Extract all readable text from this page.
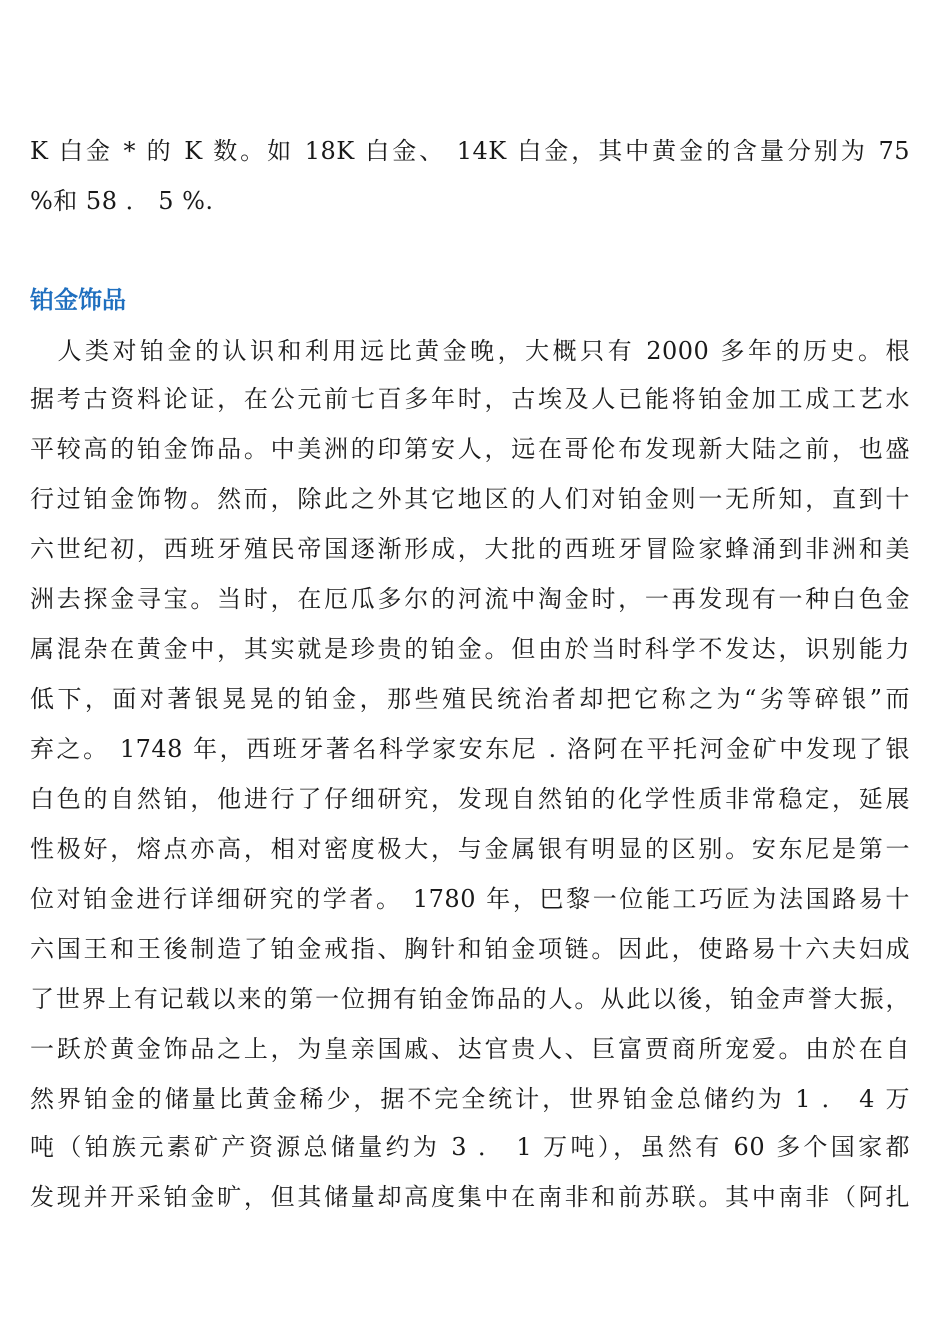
K 白金 * 的 K 数。如 18K 白金、 14K 白金，其中黄金的含量分别为 75
%和 58 ． 5 %.
铂金饰品
　人类对铂金的认识和利用远比黄金晚，大概只有 2000 多年的历史。根
据考古资料论证，在公元前七百多年时，古埃及人已能将铂金加工成工艺水
平较高的铂金饰品。中美洲的印第安人，远在哥伦布发现新大陆之前，也盛
行过铂金饰物。然而，除此之外其它地区的人们对铂金则一无所知，直到十
六世纪初，西班牙殖民帝国逐渐形成，大批的西班牙冒险家蜂涌到非洲和美
洲去探金寻宝。当时，在厄瓜多尔的河流中淘金时，一再发现有一种白色金
属混杂在黄金中，其实就是珍贵的铂金。但由於当时科学不发达，识别能力
低下，面对著银晃晃的铂金，那些殖民统治者却把它称之为“劣等碎银”而
弃之。 1748 年，西班牙著名科学家安东尼 . 洛阿在平托河金矿中发现了银
白色的自然铂，他进行了仔细研究，发现自然铂的化学性质非常稳定，延展
性极好，熔点亦高，相对密度极大，与金属银有明显的区别。安东尼是第一
位对铂金进行详细研究的学者。 1780 年，巴黎一位能工巧匠为法国路易十
六国王和王後制造了铂金戒指、胸针和铂金项链。因此，使路易十六夫妇成
了世界上有记载以来的第一位拥有铂金饰品的人。从此以後，铂金声誉大振，
一跃於黄金饰品之上，为皇亲国戚、达官贵人、巨富贾商所宠爱。由於在自
然界铂金的储量比黄金稀少，据不完全统计，世界铂金总储约为 1 ． 4 万
吨（铂族元素矿产资源总储量约为 3 ． 1 万吨），虽然有 60 多个国家都
发现并开采铂金旷，但其储量却高度集中在南非和前苏联。其中南非（阿扎
